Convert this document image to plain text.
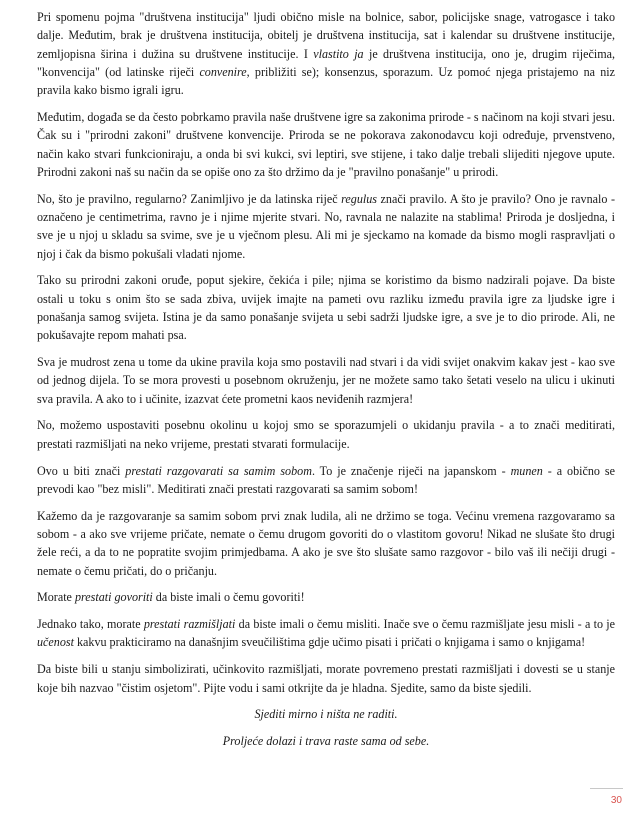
Pri spomenu pojma "društvena institucija" ljudi obično misle na bolnice, sabor, policijske snage, vatrogasce i tako dalje. Međutim, brak je društvena institucija, obitelj je društvena institucija, sat i kalendar su društvene institucije, zemljopisna širina i dužina su društvene institucije. I vlastito ja je društvena institucija, ono je, drugim riječima, "konvencija" (od latinske riječi convenire, približiti se); konsenzus, sporazum. Uz pomoć njega pristajemo na niz pravila kako bismo igrali igru.

Međutim, događa se da često pobrkamo pravila naše društvene igre sa zakonima prirode - s načinom na koji stvari jesu. Čak su i "prirodni zakoni" društvene konvencije. Priroda se ne pokorava zakonodavcu koji određuje, prvenstveno, način kako stvari funkcioniraju, a onda bi svi kukci, svi leptiri, sve stijene, i tako dalje trebali slijediti njegove upute. Prirodni zakoni naš su način da se opiše ono za što držimo da je "pravilno ponašanje" u prirodi.

No, što je pravilno, regularno? Zanimljivo je da latinska riječ regulus znači pravilo. A što je pravilo? Ono je ravnalo - označeno je centimetrima, ravno je i njime mjerite stvari. No, ravnala ne nalazite na stablima! Priroda je dosljedna, i sve je u njoj u skladu sa svime, sve je u vječnom plesu. Ali mi je sjeckamo na komade da bismo mogli raspravljati o njoj i čak da bismo pokušali vladati njome.

Tako su prirodni zakoni oruđe, poput sjekire, čekića i pile; njima se koristimo da bismo nadzirali pojave. Da biste ostali u toku s onim što se sada zbiva, uvijek imajte na pameti ovu razliku između pravila igre za ljudske igre i ponašanja samog svijeta. Istina je da samo ponašanje svijeta u sebi sadrži ljudske igre, a sve je to dio prirode. Ali, ne pokušavajte repom mahati psa.

Sva je mudrost zena u tome da ukine pravila koja smo postavili nad stvari i da vidi svijet onakvim kakav jest - kao sve od jednog dijela. To se mora provesti u posebnom okruženju, jer ne možete samo tako šetati veselo na ulicu i ukinuti sva pravila. A ako to i učinite, izazvat ćete prometni kaos neviđenih razmjera!

No, možemo uspostaviti posebnu okolinu u kojoj smo se sporazumjeli o ukidanju pravila - a to znači meditirati, prestati razmišljati na neko vrijeme, prestati stvarati formulacije.

Ovo u biti znači prestati razgovarati sa samim sobom. To je značenje riječi na japanskom - munen - a obično se prevodi kao "bez misli". Meditirati znači prestati razgovarati sa samim sobom!

Kažemo da je razgovaranje sa samim sobom prvi znak ludila, ali ne držimo se toga. Većinu vremena razgovaramo sa sobom - a ako sve vrijeme pričate, nemate o čemu drugom govoriti do o vlastitom govoru! Nikad ne slušate što drugi žele reći, a da to ne popratite svojim primjedbama. A ako je sve što slušate samo razgovor - bilo vaš ili nečiji drugi - nemate o čemu pričati, do o pričanju.

Morate prestati govoriti da biste imali o čemu govoriti!

Jednako tako, morate prestati razmišljati da biste imali o čemu misliti. Inače sve o čemu razmišljate jesu misli - a to je učenost kakvu prakticiramo na današnjim sveučilištima gdje učimo pisati i pričati o knjigama i samo o knjigama!

Da biste bili u stanju simbolizirati, učinkovito razmišljati, morate povremeno prestati razmišljati i dovesti se u stanje koje bih nazvao "čistim osjetom". Pijte vodu i sami otkrijte da je hladna. Sjedite, samo da biste sjedili.

Sjediti mirno i ništa ne raditi.

Proljeće dolazi i trava raste sama od sebe.

30
